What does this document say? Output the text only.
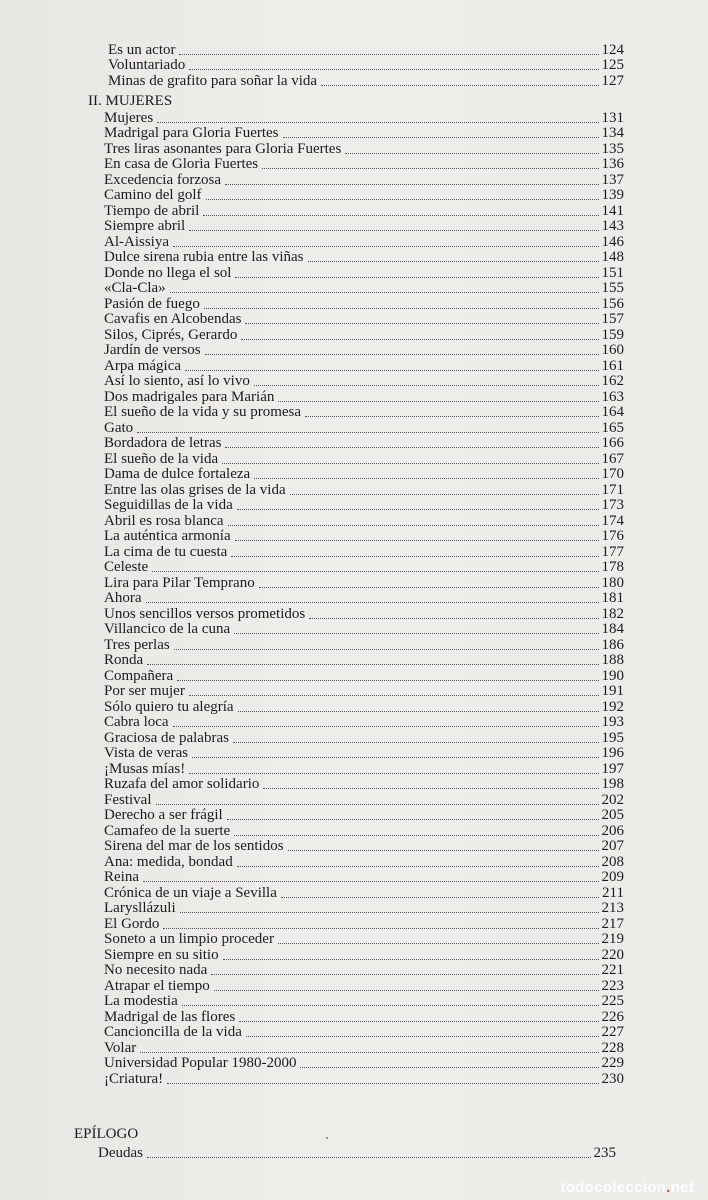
Es un actor	124
Voluntariado	125
Minas de grafito para soñar la vida	127
II. MUJERES
Mujeres	131
Madrigal para Gloria Fuertes	134
Tres liras asonantes para Gloria Fuertes	135
En casa de Gloria Fuertes	136
Excedencia forzosa	137
Camino del golf	139
Tiempo de abril	141
Siempre abril	143
Al-Aissiya	146
Dulce sirena rubia entre las viñas	148
Donde no llega el sol	151
«Cla-Cla»	155
Pasión de fuego	156
Cavafis en Alcobendas	157
Silos, Ciprés, Gerardo	159
Jardín de versos	160
Arpa mágica	161
Así lo siento, así lo vivo	162
Dos madrigales para Marián	163
El sueño de la vida y su promesa	164
Gato	165
Bordadora de letras	166
El sueño de la vida	167
Dama de dulce fortaleza	170
Entre las olas grises de la vida	171
Seguidillas de la vida	173
Abril es rosa blanca	174
La auténtica armonía	176
La cima de tu cuesta	177
Celeste	178
Lira para Pilar Temprano	180
Ahora	181
Unos sencillos versos prometidos	182
Villancico de la cuna	184
Tres perlas	186
Ronda	188
Compañera	190
Por ser mujer	191
Sólo quiero tu alegría	192
Cabra loca	193
Graciosa de palabras	195
Vista de veras	196
¡Musas mías!	197
Ruzafa del amor solidario	198
Festival	202
Derecho a ser frágil	205
Camafeo de la suerte	206
Sirena del mar de los sentidos	207
Ana: medida, bondad	208
Reina	209
Crónica de un viaje a Sevilla	211
Larysllázuli	213
El Gordo	217
Soneto a un limpio proceder	219
Siempre en su sitio	220
No necesito nada	221
Atrapar el tiempo	223
La modestia	225
Madrigal de las flores	226
Cancioncilla de la vida	227
Volar	228
Universidad Popular 1980-2000	229
¡Criatura!	230
EPÍLOGO
Deudas	235
todocoleccion.net
